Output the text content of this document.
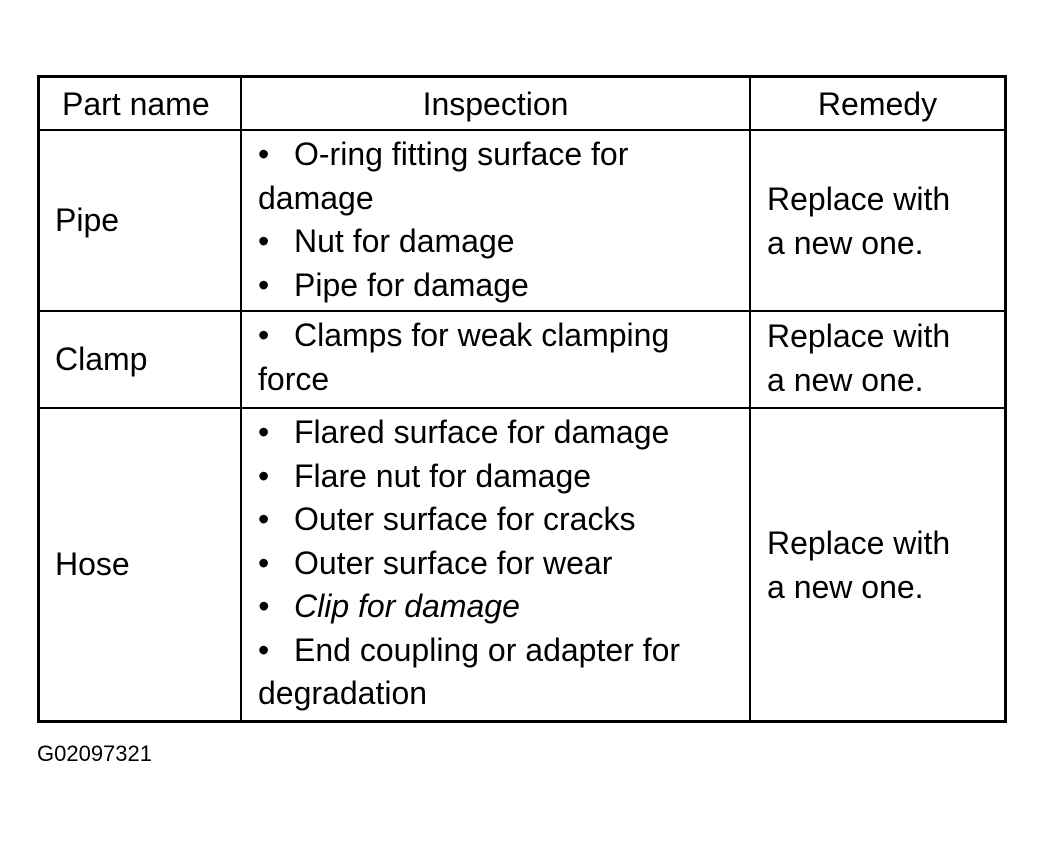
Part name	Inspection	Remedy
Pipe
• O-ring fitting surface for
damage
• Nut for damage
• Pipe for damage
Replace with
a new one.
Clamp
• Clamps for weak clamping
force
Replace with
a new one.
Hose
• Flared surface for damage
• Flare nut for damage
• Outer surface for cracks
• Outer surface for wear
• Clip for damage
• End coupling or adapter for
degradation
Replace with
a new one.
G02097321
